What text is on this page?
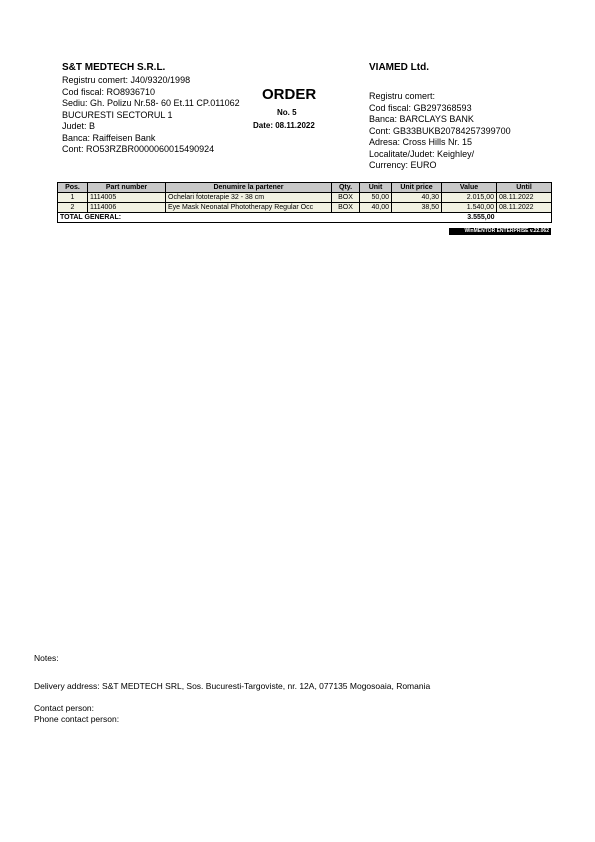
S&T MEDTECH S.R.L.
Registru comert: J40/9320/1998
Cod fiscal: RO8936710
Sediu: Gh. Polizu Nr.58- 60 Et.11 CP.011062
BUCURESTI SECTORUL 1
Judet: B
Banca: Raiffeisen Bank
Cont: RO53RZBR0000060015490924
ORDER
No. 5
Date: 08.11.2022
VIAMED Ltd.
Registru comert:
Cod fiscal: GB297368593
Banca: BARCLAYS BANK
Cont: GB33BUKB20784257399700
Adresa: Cross Hills Nr. 15
Localitate/Judet: Keighley/
Currency: EURO
Pos.	Part number	Denumire la partener	Qty.	Unit	Unit price	Value	Until
1	1114005	Ochelari fototerapie 32 - 38 cm	BOX	50,00	40,30	2.015,00	08.11.2022
2	1114006	Eye Mask Neonatal Phototherapy Regular Occ	BOX	40,00	38,50	1.540,00	08.11.2022
TOTAL GENERAL:						3.555,00	
WinMENTOR ENTERPRISE v.22.062
Notes:
Delivery address: S&T MEDTECH SRL, Sos. Bucuresti-Targoviste, nr. 12A, 077135 Mogosoaia, Romania
Contact person:
Phone contact person:
